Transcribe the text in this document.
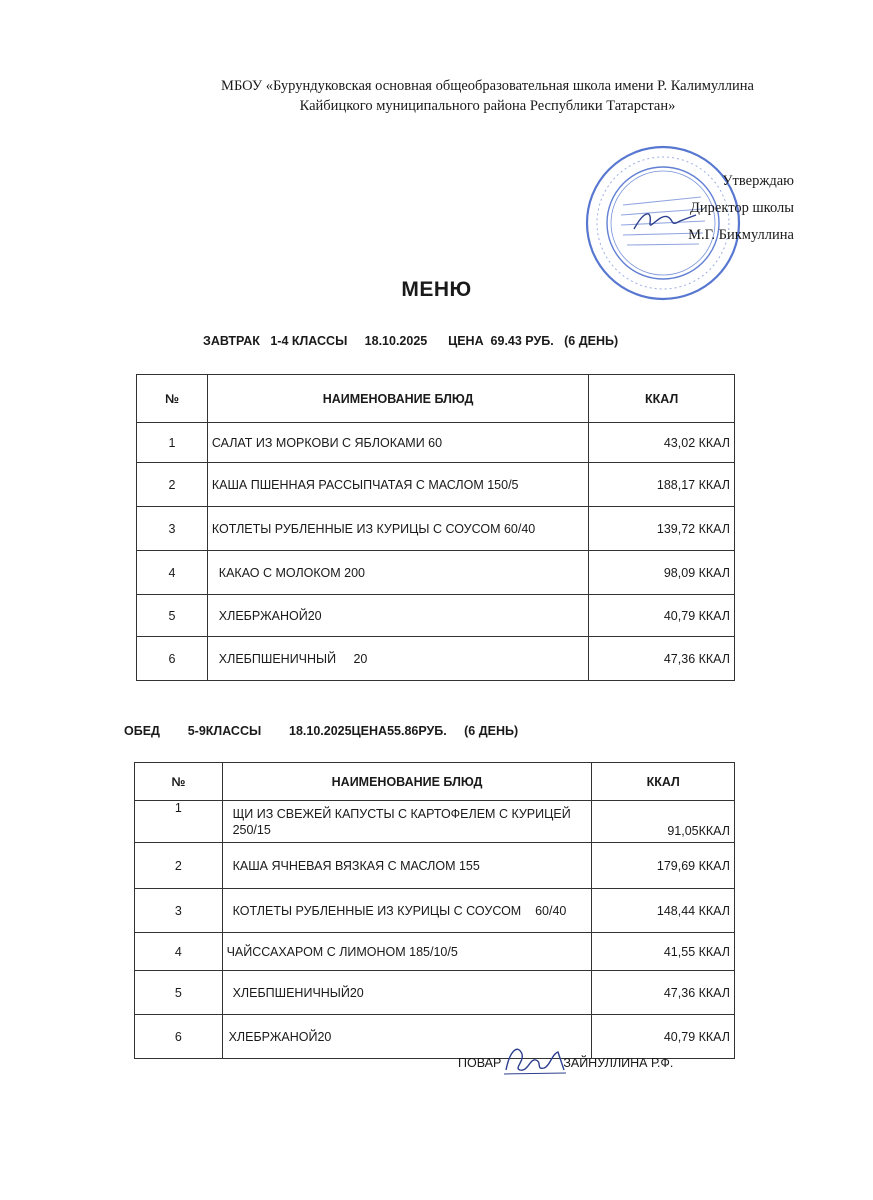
МБОУ «Бурундуковская основная общеобразовательная школа имени Р. Калимуллина
Кайбицкого муниципального района Республики Татарстан»
Утверждаю
Директор школы
М.Г. Бикмуллина
МЕНЮ
ЗАВТРАК   1-4 КЛАССЫ     18.10.2025      ЦЕНА  69.43 РУБ.   (6 ДЕНЬ)
№	НАИМЕНОВАНИЕ БЛЮД	ККАЛ
1	САЛАТ ИЗ МОРКОВИ С ЯБЛОКАМИ 60	43,02 ККАЛ
2	КАША ПШЕННАЯ РАССЫПЧАТАЯ С МАСЛОМ 150/5	188,17 ККАЛ
3	КОТЛЕТЫ РУБЛЕННЫЕ ИЗ КУРИЦЫ С СОУСОМ 60/40	139,72 ККАЛ
4	КАКАО С МОЛОКОМ 200	98,09 ККАЛ
5	ХЛЕБРЖАНОЙ20	40,79 ККАЛ
6	ХЛЕБПШЕНИЧНЫЙ     20	47,36 ККАЛ
ОБЕД        5-9КЛАССЫ        18.10.2025ЦЕНА55.86РУБ.     (6 ДЕНЬ)
№	НАИМЕНОВАНИЕ БЛЮД	ККАЛ
1	ЩИ ИЗ СВЕЖЕЙ КАПУСТЫ С КАРТОФЕЛЕМ С КУРИЦЕЙ 250/15	91,05ККАЛ
2	КАША ЯЧНЕВАЯ ВЯЗКАЯ С МАСЛОМ 155	179,69 ККАЛ
3	КОТЛЕТЫ РУБЛЕННЫЕ ИЗ КУРИЦЫ С СОУСОМ    60/40	148,44 ККАЛ
4	ЧАЙССАХАРОМ С ЛИМОНОМ 185/10/5	41,55 ККАЛ
5	ХЛЕБПШЕНИЧНЫЙ20	47,36 ККАЛ
6	ХЛЕБРЖАНОЙ20	40,79 ККАЛ
ПОВАР	ЗАЙНУЛЛИНА Р.Ф.
